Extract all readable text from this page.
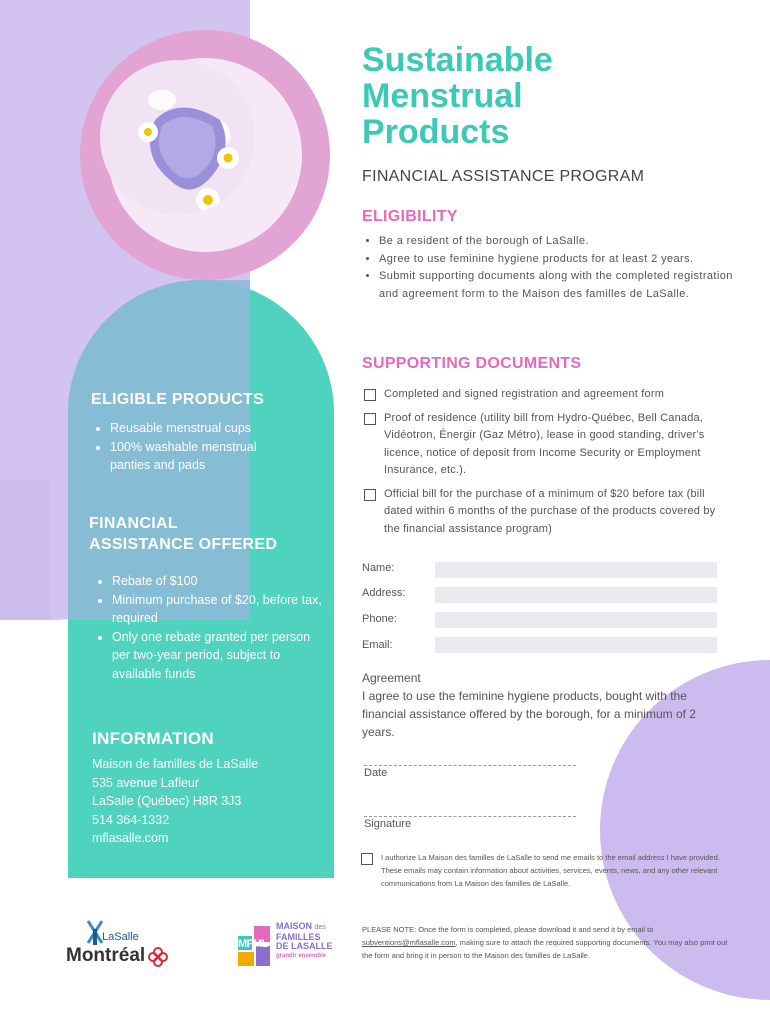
Sustainable
Menstrual
Products
FINANCIAL ASSISTANCE PROGRAM
ELIGIBILITY
• Be a resident of the borough of LaSalle.
• Agree to use feminine hygiene products for at least 2 years.
• Submit supporting documents along with the completed registration and agreement form to the Maison des familles de LaSalle.
SUPPORTING DOCUMENTS
Completed and signed registration and agreement form
Proof of residence (utility bill from Hydro-Québec, Bell Canada, Vidéotron, Énergir (Gaz Métro), lease in good standing, driver's licence, notice of deposit from Income Security or Employment Insurance, etc.).
Official bill for the purchase of a minimum of $20 before tax (bill dated within 6 months of the purchase of the products covered by the financial assistance program)
ELIGIBLE PRODUCTS
• Reusable menstrual cups
• 100% washable menstrual panties and pads
FINANCIAL
ASSISTANCE OFFERED
• Rebate of $100
• Minimum purchase of $20, before tax, required
• Only one rebate granted per person per two-year period, subject to available funds
INFORMATION
Maison de familles de LaSalle
535 avenue Lafleur
LaSalle (Québec) H8R 3J3
514 364-1332
mflasalle.com
Name:
Address:
Phone:
Email:
Agreement
I agree to use the feminine hygiene products, bought with the financial assistance offered by the borough, for a minimum of 2 years.
Date
Signature
I authorize La Maison des familles de LaSalle to send me emails to the email address I have provided. These emails may contain information about activities, services, events, news, and any other relevant communications from La Maison des familles de LaSalle.
PLEASE NOTE: Once the form is completed, please download it and send it by email to subventions@mflasalle.com, making sure to attach the required supporting documents. You may also print out the form and bring it in person to the Maison des familles de LaSalle.
LaSalle
Montréal
MFML
MAISON des
FAMILLES
DE LASALLE
grandir ensemble
